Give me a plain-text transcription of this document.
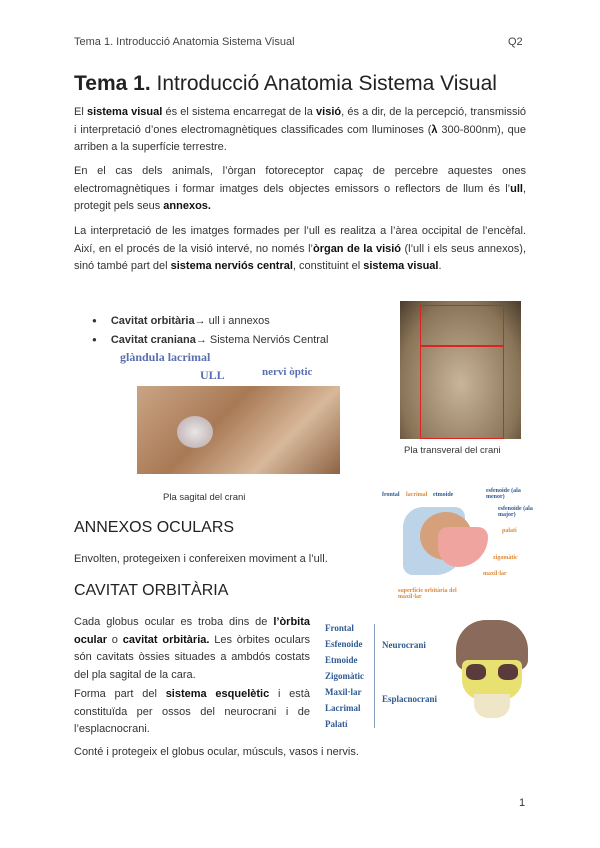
Tema 1. Introducció Anatomia Sistema Visual	Q2
Tema 1. Introducció Anatomia Sistema Visual

El sistema visual és el sistema encarregat de la visió, és a dir, de la percepció, transmissió i interpretació d’ones electromagnètiques classificades com lluminoses (λ 300-800nm), que arriben a la superfície terrestre.

En el cas dels animals, l’òrgan fotoreceptor capaç de percebre aquestes ones electromagnètiques i formar imatges dels objectes emissors o reflectors de llum és l’ull, protegit pels seus annexos.

La interpretació de les imatges formades per l’ull es realitza a l’àrea occipital de l’encèfal. Així, en el procés de la visió intervé, no només l’òrgan de la visió (l’ull i els seus annexos), sinó també part del sistema nerviós central, constituint el sistema visual.

● Cavitat orbitària→ ull i annexos
● Cavitat craniana→ Sistema Nerviós Central
glàndula lacrimal
ULL	nervi òptic
Pla sagital del crani
Pla transveral del crani
ANNEXOS OCULARS
Envolten, protegeixen i confereixen moviment a l’ull.
frontal lacrimal etmoide
esfenoide (ala menor)
esfenoide (ala major)
palatí
zigomàtic
maxil·lar
superfície orbitària del maxil·lar
CAVITAT ORBITÀRIA

Cada globus ocular es troba dins de l’òrbita ocular o cavitat orbitària. Les òrbites oculars són cavitats òssies situades a ambdós costats del pla sagital de la cara.

Forma part del sistema esquelètic i està constituïda per ossos del neurocrani i de l’esplacnocrani.

Conté i protegeix el globus ocular, músculs, vasos i nervis.
Frontal
Esfenoide
Etmoide
Zigomàtic
Maxil·lar
Lacrimal
Palatí
Neurocrani
Esplacnocrani
1
